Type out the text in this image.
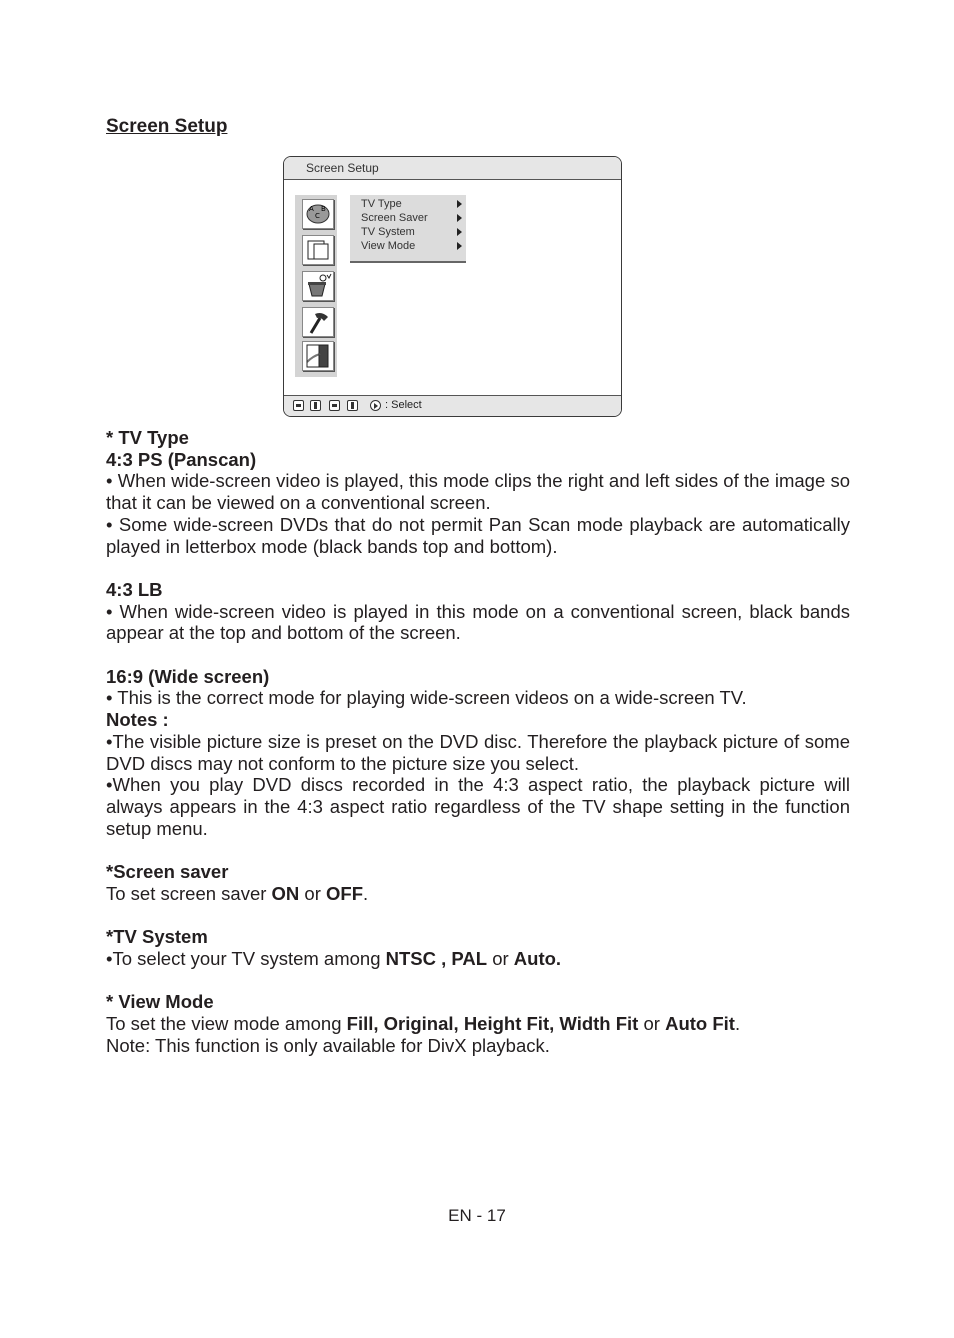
Screen Setup
Screen Setup
A B
C
TV Type
Screen Saver
TV System
View Mode
: Select

* TV Type

4:3 PS (Panscan)

• When wide-screen video is played, this mode clips the right and left sides of the image so that it can be viewed on a conventional screen.

• Some wide-screen DVDs that do not permit Pan Scan mode playback are automatically played in letterbox mode (black bands top and bottom).

4:3 LB

• When wide-screen video is played in this mode on a conventional screen, black bands appear at the top and bottom of the screen.

16:9 (Wide screen)

• This is the correct mode for playing wide-screen videos on a wide-screen TV.

Notes :

•The visible picture size is preset on the DVD disc. Therefore the playback picture of some DVD discs may not conform to the picture size you select.

•When you play DVD discs recorded in the 4:3 aspect ratio, the playback picture will always appears in the 4:3 aspect ratio regardless of the TV shape setting in the function setup menu.

*Screen saver

To set screen saver ON or OFF.

*TV System

•To select your TV system among NTSC , PAL or Auto.

* View Mode

To set the view mode among Fill, Original, Height Fit, Width Fit or Auto Fit.

Note: This function is only available for DivX playback.

EN - 17
